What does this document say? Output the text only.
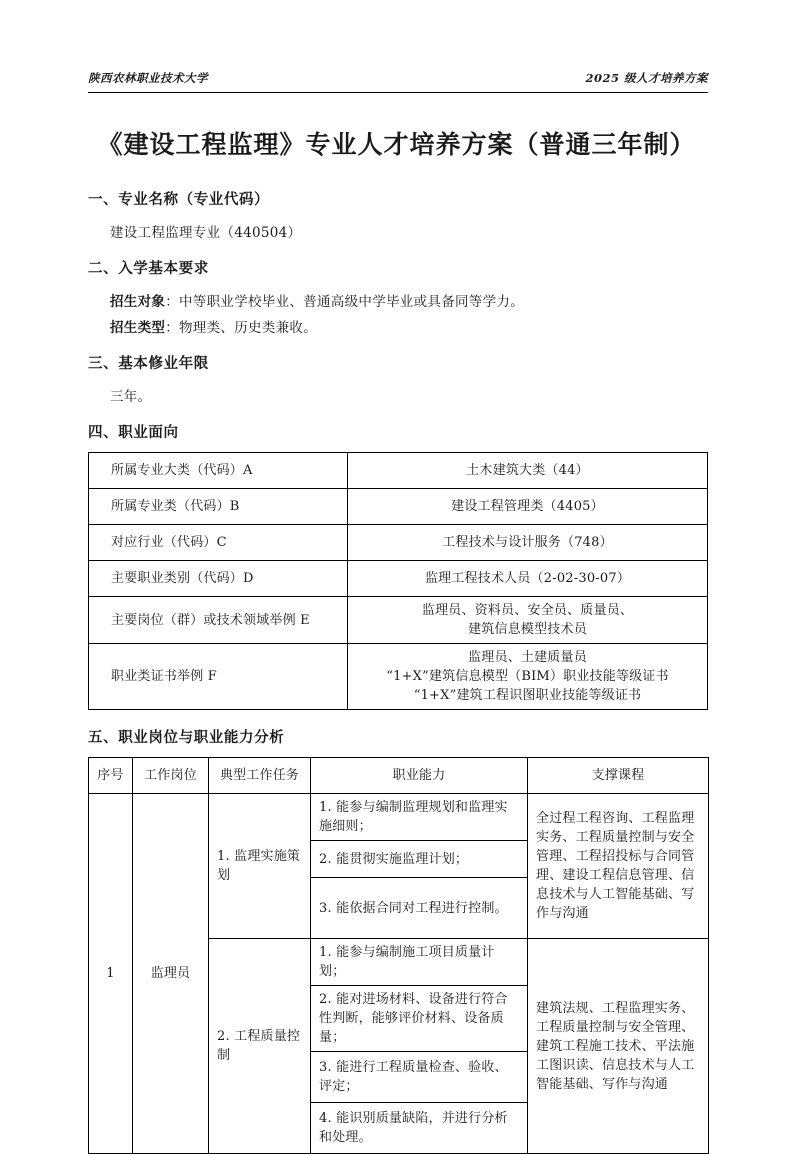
陕西农林职业技术大学	2025 级人才培养方案
《建设工程监理》专业人才培养方案（普通三年制）
一、专业名称（专业代码）

建设工程监理专业（440504）

二、入学基本要求

招生对象：中等职业学校毕业、普通高级中学毕业或具备同等学力。

招生类型：物理类、历史类兼收。

三、基本修业年限

三年。

四、职业面向
所属专业大类（代码）A	土木建筑大类（44）
所属专业类（代码）B	建设工程管理类（4405）
对应行业（代码）C	工程技术与设计服务（748）
主要职业类别（代码）D	监理工程技术人员（2-02-30-07）
主要岗位（群）或技术领域举例 E	监理员、资料员、安全员、质量员、
建筑信息模型技术员

职业类证书举例 F	监理员、土建质量员
“1+X”建筑信息模型（BIM）职业技能等级证书
“1+X”建筑工程识图职业技能等级证书
五、职业岗位与职业能力分析
序号	工作岗位	典型工作任务	职业能力	支撑课程
1	监理员	1. 监理实施策划	1. 能参与编制监理规划和监理实施细则；	全过程工程咨询、工程监理实务、工程质量控制与安全管理、工程招投标与合同管理、建设工程信息管理、信息技术与人工智能基础、写作与沟通
			2. 能贯彻实施监理计划；	
			3. 能依据合同对工程进行控制。	
		2. 工程质量控制	1. 能参与编制施工项目质量计划；	建筑法规、工程监理实务、工程质量控制与安全管理、建筑工程施工技术、平法施工图识读、信息技术与人工智能基础、写作与沟通
			2. 能对进场材料、设备进行符合性判断，能够评价材料、设备质量；	
			3. 能进行工程质量检查、验收、评定；	
			4. 能识别质量缺陷，并进行分析和处理。	
